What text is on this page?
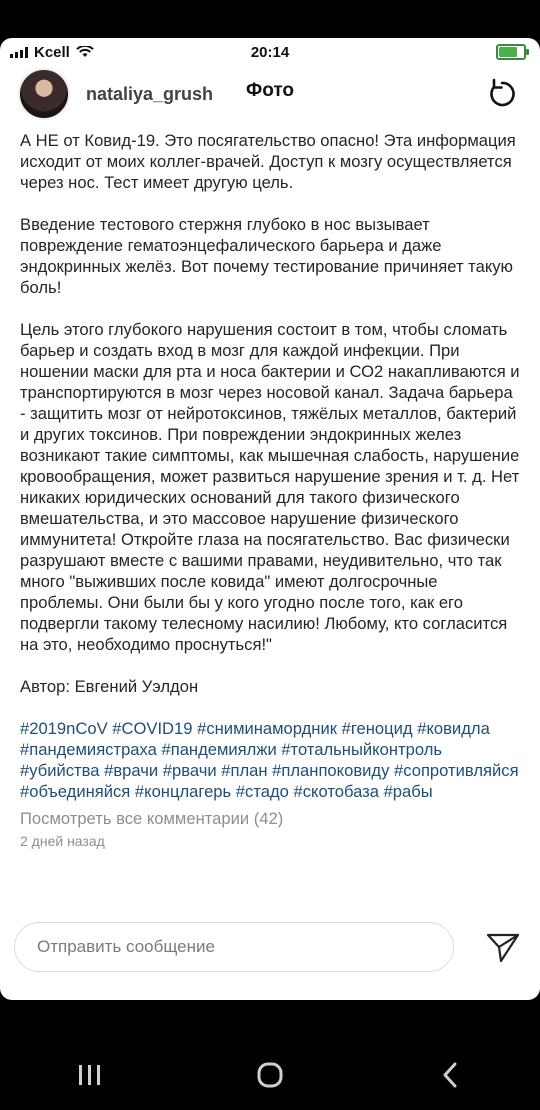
Kcell	20:14
nataliya_grush Фото

А НЕ от Ковид-19. Это посягательство опасно! Эта информация исходит от моих коллег-врачей. Доступ к мозгу осуществляется через нос. Тест имеет другую цель.

Введение тестового стержня глубоко в нос вызывает повреждение гематоэнцефалического барьера и даже эндокринных желёз. Вот почему тестирование причиняет такую боль!

Цель этого глубокого нарушения состоит в том, чтобы сломать барьер и создать вход в мозг для каждой инфекции. При ношении маски для рта и носа бактерии и СО2 накапливаются и транспортируются в мозг через носовой канал. Задача барьера - защитить мозг от нейротоксинов, тяжёлых металлов, бактерий и других токсинов. При повреждении эндокринных желез возникают такие симптомы, как мышечная слабость, нарушение кровообращения, может развиться нарушение зрения и т. д. Нет никаких юридических оснований для такого физического вмешательства, и это массовое нарушение физического иммунитета! Откройте глаза на посягательство. Вас физически разрушают вместе с вашими правами, неудивительно, что так много "выживших после ковида" имеют долгосрочные проблемы. Они были бы у кого угодно после того, как его подвергли такому телесному насилию! Любому, кто согласится на это, необходимо проснуться!"

Автор: Евгений Уэлдон
#2019nCoV #COVID19 #сниминамордник #геноцид #ковидла #пандемиястраха #пандемиялжи #тотальныйконтроль #убийства #врачи #рвачи #план #планпоковиду #сопротивляйся #объединяйся #концлагерь #стадо #скотобаза #рабы
Посмотреть все комментарии (42)
2 дней назад
Отправить сообщение
